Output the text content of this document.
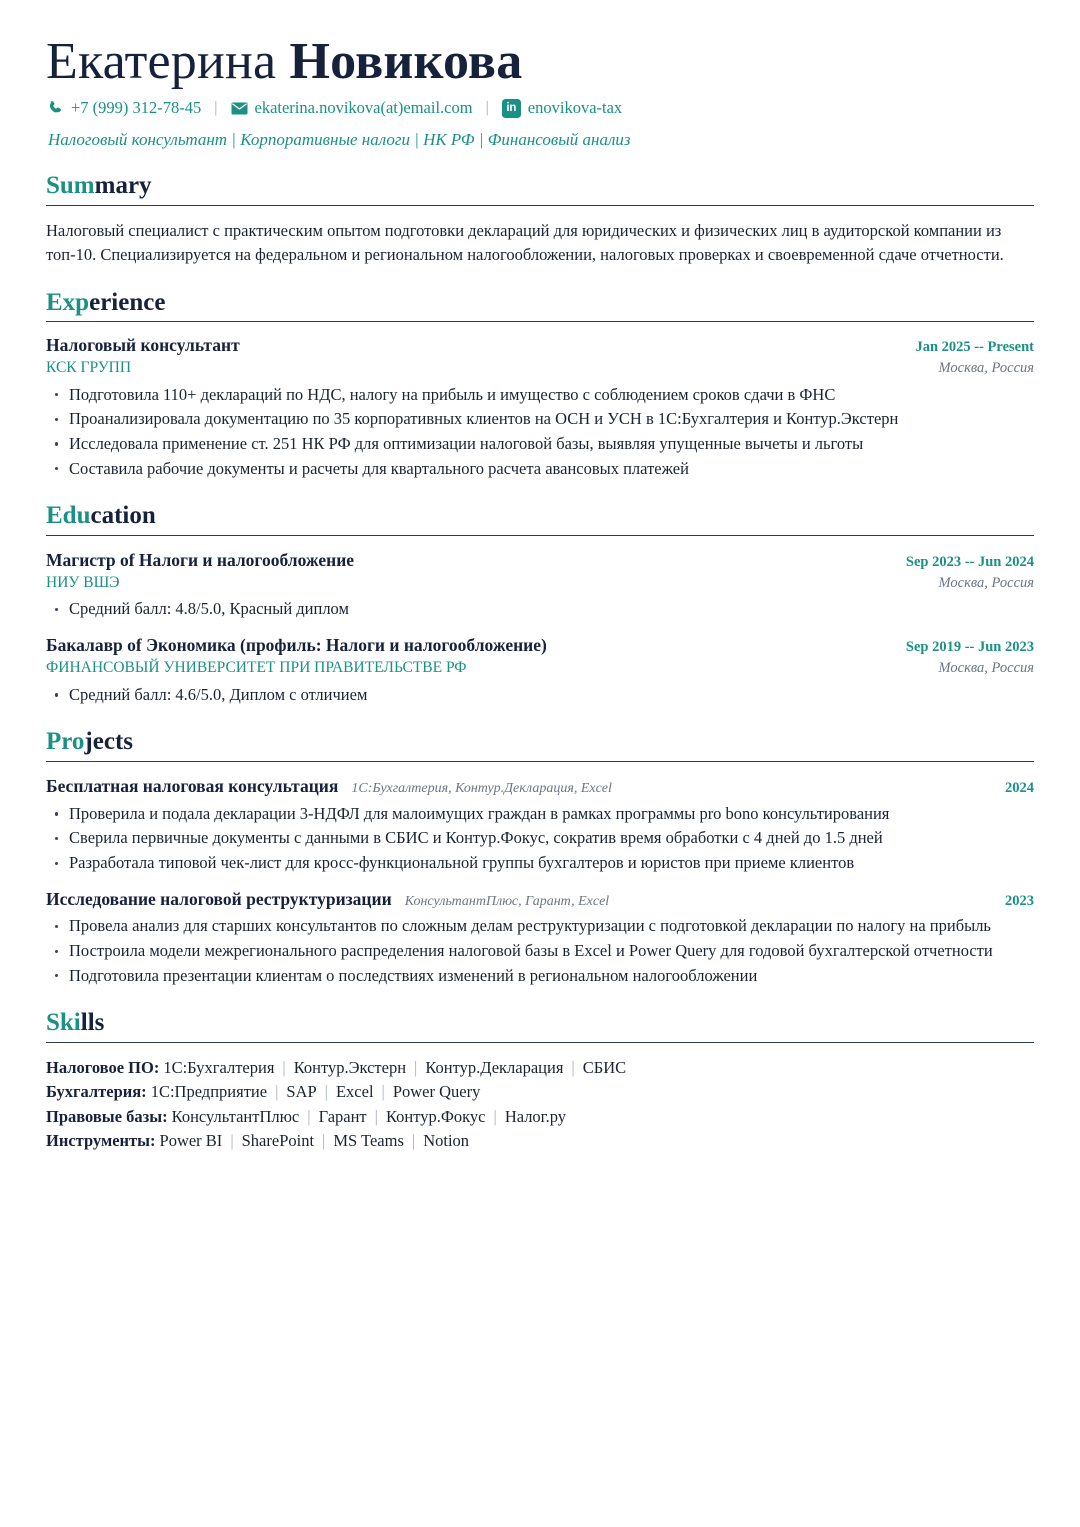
Екатерина Новикова
+7 (999) 312-78-45 |	ekaterina.novikova(at)email.com |	in enovikova-tax
Налоговый консультант | Корпоративные налоги | НК РФ | Финансовый анализ
Summary

Налоговый специалист с практическим опытом подготовки деклараций для юридических и физических лиц в аудиторской компании из топ-10. Специализируется на федеральном и региональном налогообложении, налоговых проверках и своевременной сдаче отчетности.

Experience
Налоговый консультант
КСК ГРУПП
Jan 2025 -- Present
Москва, Россия
Подготовила 110+ деклараций по НДС, налогу на прибыль и имущество с соблюдением сроков сдачи в ФНС
Проанализировала документацию по 35 корпоративных клиентов на ОСН и УСН в 1С:Бухгалтерия и Контур.Экстерн
Исследовала применение ст. 251 НК РФ для оптимизации налоговой базы, выявляя упущенные вычеты и льготы
Составила рабочие документы и расчеты для квартального расчета авансовых платежей
Education
Магистр of Налоги и налогообложение
НИУ ВШЭ
Sep 2023 -- Jun 2024
Москва, Россия
Средний балл: 4.8/5.0, Красный диплом
Бакалавр of Экономика (профиль: Налоги и налогообложение)
ФИНАНСОВЫЙ УНИВЕРСИТЕТ ПРИ ПРАВИТЕЛЬСТВЕ РФ
Sep 2019 -- Jun 2023
Москва, Россия
Средний балл: 4.6/5.0, Диплом с отличием
Projects
Бесплатная налоговая консультация 1С:Бухгалтерия, Контур.Декларация, Excel	2024
Проверила и подала декларации 3-НДФЛ для малоимущих граждан в рамках программы pro bono консультирования
Сверила первичные документы с данными в СБИС и Контур.Фокус, сократив время обработки с 4 дней до 1.5 дней
Разработала типовой чек-лист для кросс-функциональной группы бухгалтеров и юристов при приеме клиентов
Исследование налоговой реструктуризации КонсультантПлюс, Гарант, Excel	2023
Провела анализ для старших консультантов по сложным делам реструктуризации с подготовкой декларации по налогу на прибыль
Построила модели межрегионального распределения налоговой базы в Excel и Power Query для годовой бухгалтерской отчетности
Подготовила презентации клиентам о последствиях изменений в региональном налогообложении
Skills
Налоговое ПО: 1С:Бухгалтерия | Контур.Экстерн | Контур.Декларация | СБИС
Бухгалтерия: 1С:Предприятие | SAP | Excel | Power Query
Правовые базы: КонсультантПлюс | Гарант | Контур.Фокус | Налог.ру
Инструменты: Power BI | SharePoint | MS Teams | Notion
